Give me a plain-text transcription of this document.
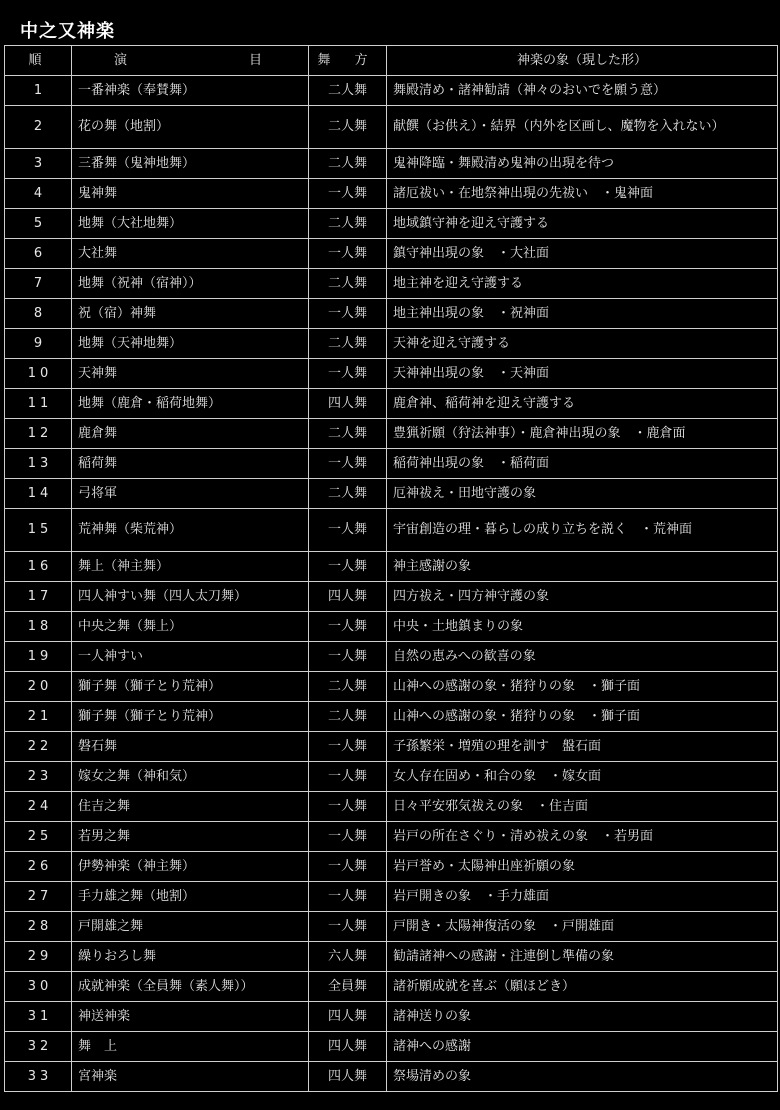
中之又神楽
順	演 目	舞 方	神楽の象（現した形）
1	一番神楽（奉賛舞）	二人舞	舞殿清め・諸神勧請（神々のおいでを願う意）
2	花の舞（地割）	二人舞	献饌（お供え）・結界（内外を区画し、魔物を入れない）
3	三番舞（鬼神地舞）	二人舞	鬼神降臨・舞殿清め鬼神の出現を待つ
4	鬼神舞	一人舞	諸厄祓い・在地祭神出現の先祓い　・鬼神面
5	地舞（大社地舞）	二人舞	地域鎮守神を迎え守護する
6	大社舞	一人舞	鎮守神出現の象　・大社面
7	地舞（祝神（宿神））	二人舞	地主神を迎え守護する
8	祝（宿）神舞	一人舞	地主神出現の象　・祝神面
9	地舞（天神地舞）	二人舞	天神を迎え守護する
10	天神舞	一人舞	天神神出現の象　・天神面
11	地舞（鹿倉・稲荷地舞）	四人舞	鹿倉神、稲荷神を迎え守護する
12	鹿倉舞	二人舞	豊猟祈願（狩法神事）・鹿倉神出現の象　・鹿倉面
13	稲荷舞	一人舞	稲荷神出現の象　・稲荷面
14	弓将軍	二人舞	厄神祓え・田地守護の象
15	荒神舞（柴荒神）	一人舞	宇宙創造の理・暮らしの成り立ちを説く　・荒神面
16	舞上（神主舞）	一人舞	神主感謝の象
17	四人神すい舞（四人太刀舞）	四人舞	四方祓え・四方神守護の象
18	中央之舞（舞上）	一人舞	中央・土地鎮まりの象
19	一人神すい	一人舞	自然の恵みへの歓喜の象
20	獅子舞（獅子とり荒神）	二人舞	山神への感謝の象・猪狩りの象　・獅子面
21	獅子舞（獅子とり荒神）	二人舞	山神への感謝の象・猪狩りの象　・獅子面
22	磐石舞	一人舞	子孫繁栄・増殖の理を訓す　盤石面
23	嫁女之舞（神和気）	一人舞	女人存在固め・和合の象　・嫁女面
24	住吉之舞	一人舞	日々平安邪気祓えの象　・住吉面
25	若男之舞	一人舞	岩戸の所在さぐり・清め祓えの象　・若男面
26	伊勢神楽（神主舞）	一人舞	岩戸誉め・太陽神出座祈願の象
27	手力雄之舞（地割）	一人舞	岩戸開きの象　・手力雄面
28	戸開雄之舞	一人舞	戸開き・太陽神復活の象　・戸開雄面
29	繰りおろし舞	六人舞	勧請諸神への感謝・注連倒し準備の象
30	成就神楽（全員舞（素人舞））	全員舞	諸祈願成就を喜ぶ（願ほどき）
31	神送神楽	四人舞	諸神送りの象
32	舞　上	四人舞	諸神への感謝
33	宮神楽	四人舞	祭場清めの象
